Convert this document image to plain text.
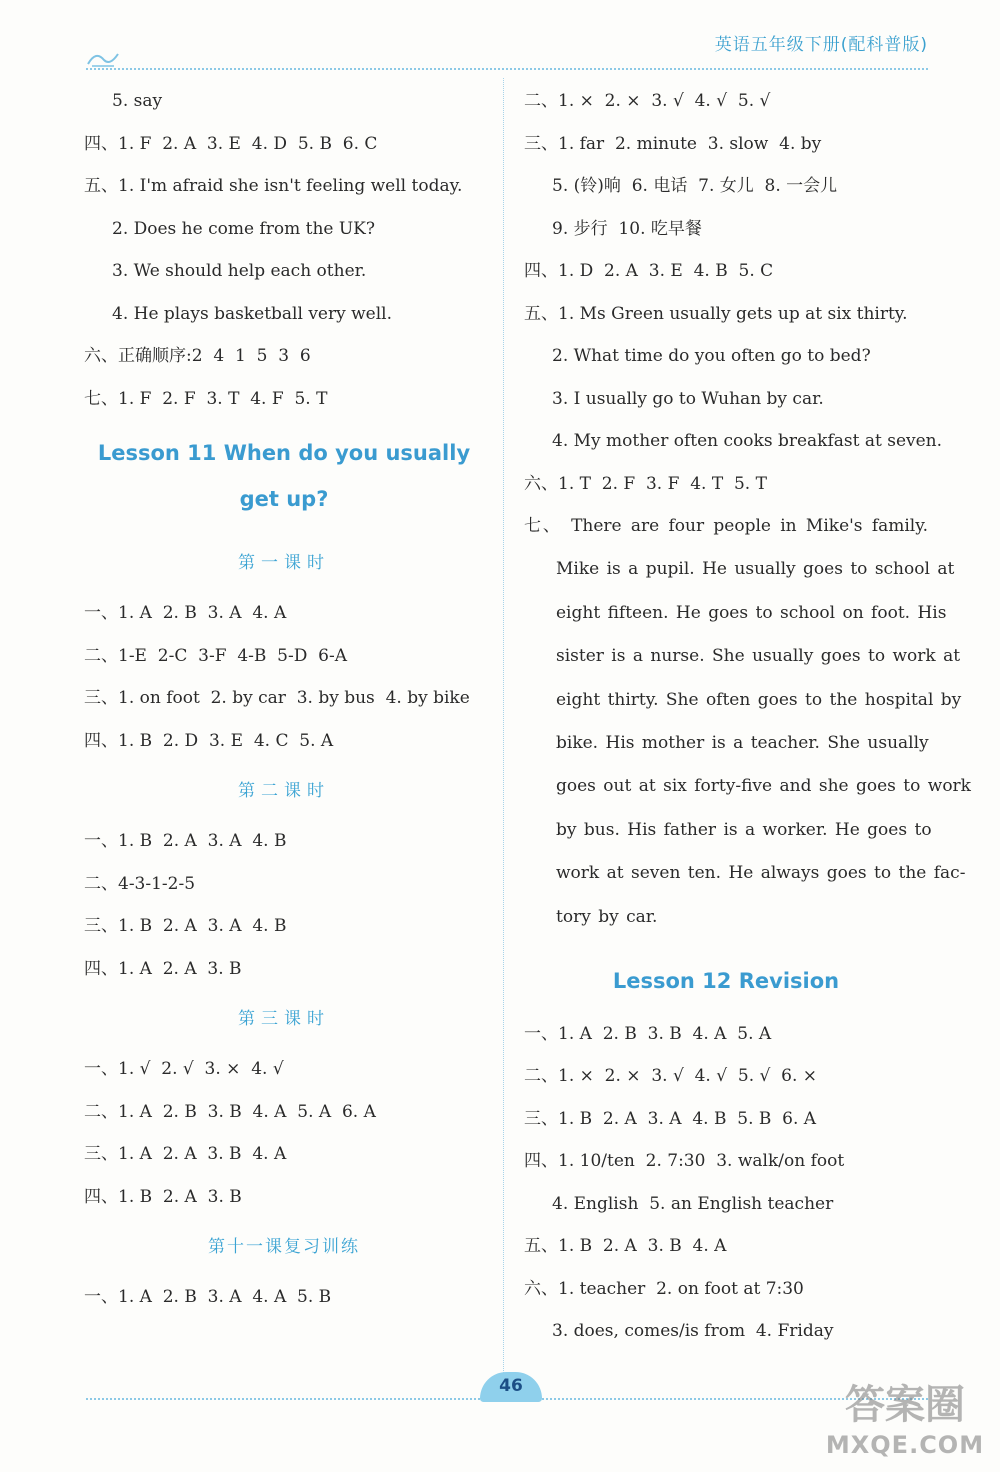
英语五年级下册(配科普版)
5. say
四、1. F  2. A  3. E  4. D  5. B  6. C
五、1. I'm afraid she isn't feeling well today.
2. Does he come from the UK?
3. We should help each other.
4. He plays basketball very well.
六、正确顺序:2  4  1  5  3  6
七、1. F  2. F  3. T  4. F  5. T
Lesson 11 When do you usually
get up?
第一课时
一、1. A  2. B  3. A  4. A
二、1-E  2-C  3-F  4-B  5-D  6-A
三、1. on foot  2. by car  3. by bus  4. by bike
四、1. B  2. D  3. E  4. C  5. A
第二课时
一、1. B  2. A  3. A  4. B
二、4-3-1-2-5
三、1. B  2. A  3. A  4. B
四、1. A  2. A  3. B
第三课时
一、1. √  2. √  3. ×  4. √
二、1. A  2. B  3. B  4. A  5. A  6. A
三、1. A  2. A  3. B  4. A
四、1. B  2. A  3. B
第十一课复习训练
一、1. A  2. B  3. A  4. A  5. B
二、1. ×  2. ×  3. √  4. √  5. √
三、1. far  2. minute  3. slow  4. by
5. (铃)响  6. 电话  7. 女儿  8. 一会儿
9. 步行  10. 吃早餐
四、1. D  2. A  3. E  4. B  5. C
五、1. Ms Green usually gets up at six thirty.
2. What time do you often go to bed?
3. I usually go to Wuhan by car.
4. My mother often cooks breakfast at seven.
六、1. T  2. F  3. F  4. T  5. T
七、 There are four people in Mike's family.
Mike is a pupil. He usually goes to school at
eight fifteen. He goes to school on foot. His
sister is a nurse. She usually goes to work at
eight thirty. She often goes to the hospital by
bike. His mother is a teacher. She usually
goes out at six forty-five and she goes to work
by bus. His father is a worker. He goes to
work at seven ten. He always goes to the fac-
tory by car.
Lesson 12 Revision
一、1. A  2. B  3. B  4. A  5. A
二、1. ×  2. ×  3. √  4. √  5. √  6. ×
三、1. B  2. A  3. A  4. B  5. B  6. A
四、1. 10/ten  2. 7:30  3. walk/on foot
4. English  5. an English teacher
五、1. B  2. A  3. B  4. A
六、1. teacher  2. on foot at 7:30
3. does, comes/is from  4. Friday
46	答案圈
MXQE.COM
